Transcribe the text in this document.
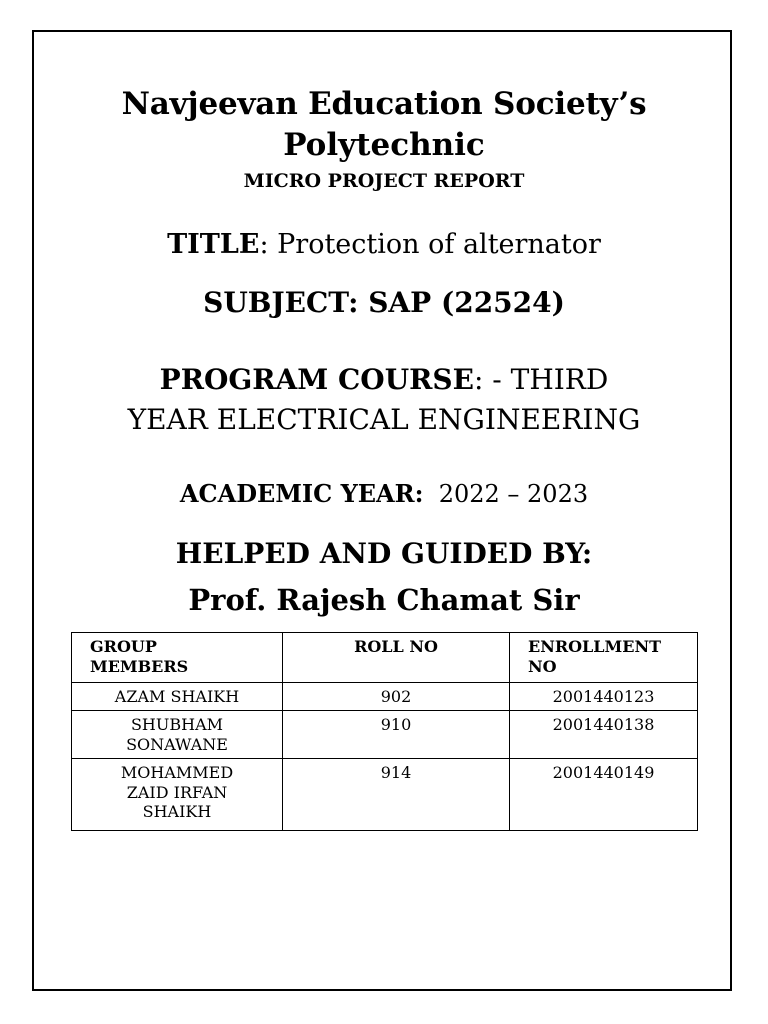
Navjeevan Education Society’s
Polytechnic
MICRO PROJECT REPORT
TITLE: Protection of alternator
SUBJECT: SAP (22524)
PROGRAM COURSE: - THIRD
YEAR ELECTRICAL ENGINEERING
ACADEMIC YEAR: 2022 – 2023
HELPED AND GUIDED BY:
Prof. Rajesh Chamat Sir
GROUP
MEMBERS	ROLL NO	ENROLLMENT
NO
AZAM SHAIKH	902	2001440123
SHUBHAM
SONAWANE	910	2001440138
MOHAMMED
ZAID IRFAN
SHAIKH	914	2001440149
